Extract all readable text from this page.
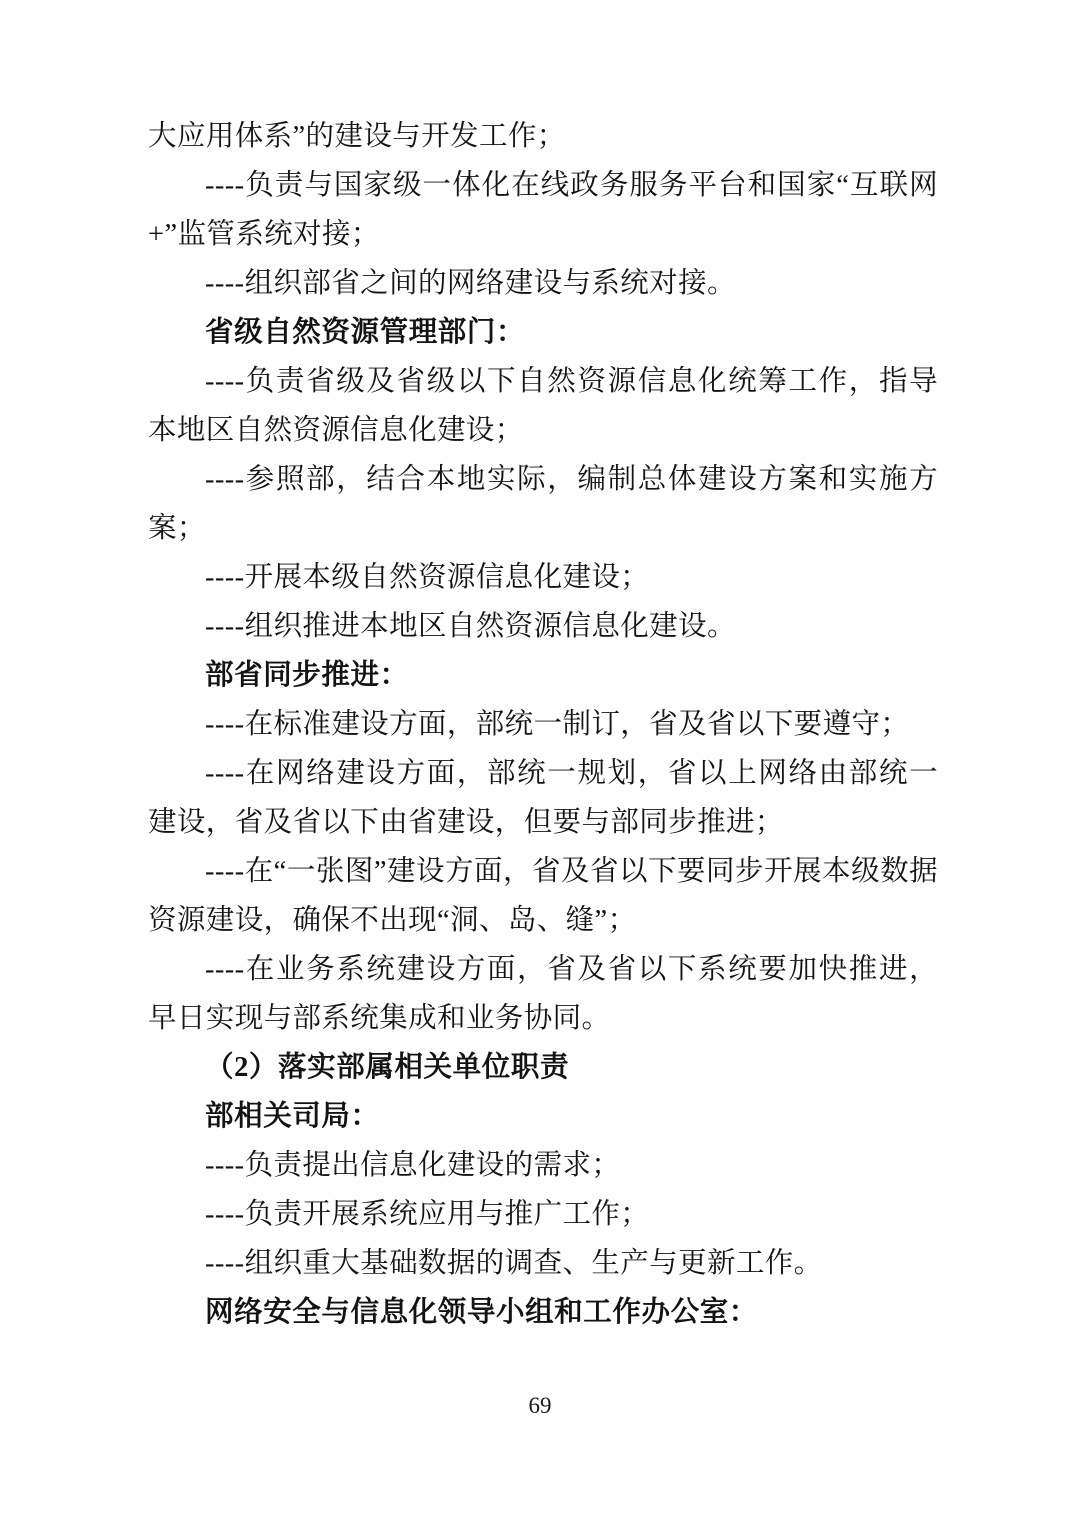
大应用体系”的建设与开发工作；

----负责与国家级一体化在线政务服务平台和国家“互联网+”监管系统对接；

----组织部省之间的网络建设与系统对接。

省级自然资源管理部门：

----负责省级及省级以下自然资源信息化统筹工作，指导本地区自然资源信息化建设；

----参照部，结合本地实际，编制总体建设方案和实施方案；

----开展本级自然资源信息化建设；

----组织推进本地区自然资源信息化建设。

部省同步推进：

----在标准建设方面，部统一制订，省及省以下要遵守；

----在网络建设方面，部统一规划，省以上网络由部统一建设，省及省以下由省建设，但要与部同步推进；

----在“一张图”建设方面，省及省以下要同步开展本级数据资源建设，确保不出现“洞、岛、缝”；

----在业务系统建设方面，省及省以下系统要加快推进，早日实现与部系统集成和业务协同。

（2）落实部属相关单位职责

部相关司局：

----负责提出信息化建设的需求；

----负责开展系统应用与推广工作；

----组织重大基础数据的调查、生产与更新工作。

网络安全与信息化领导小组和工作办公室：

69
